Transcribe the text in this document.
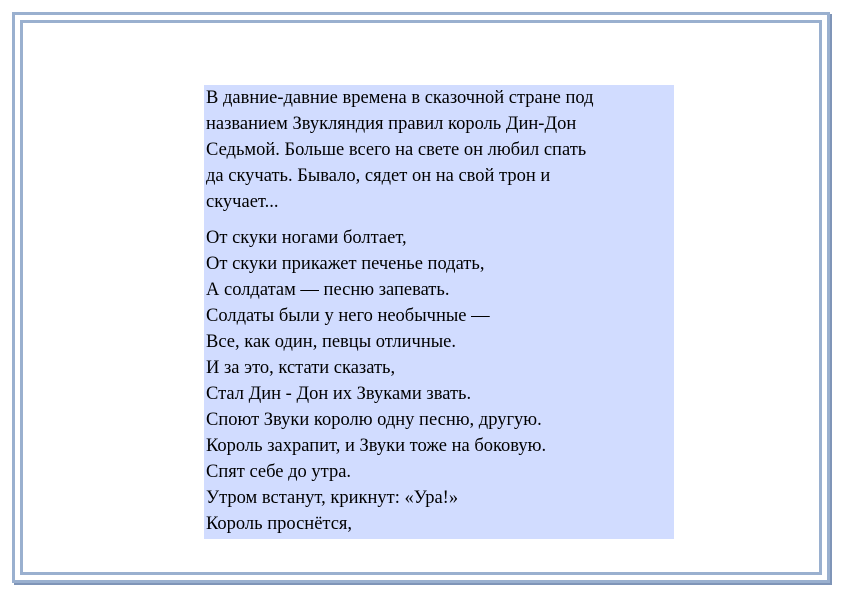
В давние-давние времена в сказочной стране под
названием Звукляндия правил король Дин-Дон
Седьмой. Больше всего на свете он любил спать
да скучать. Бывало, сядет он на свой трон и
скучает...
От скуки ногами болтает,
От скуки прикажет печенье подать,
А солдатам — песню запевать.
Солдаты были у него необычные —
Все, как один, певцы отличные.
И за это, кстати сказать,
Стал Дин - Дон их Звуками звать.
Споют Звуки королю одну песню, другую.
Король захрапит, и Звуки тоже на боковую.
Спят себе до утра.
Утром встанут, крикнут: «Ура!»
Король проснётся,
